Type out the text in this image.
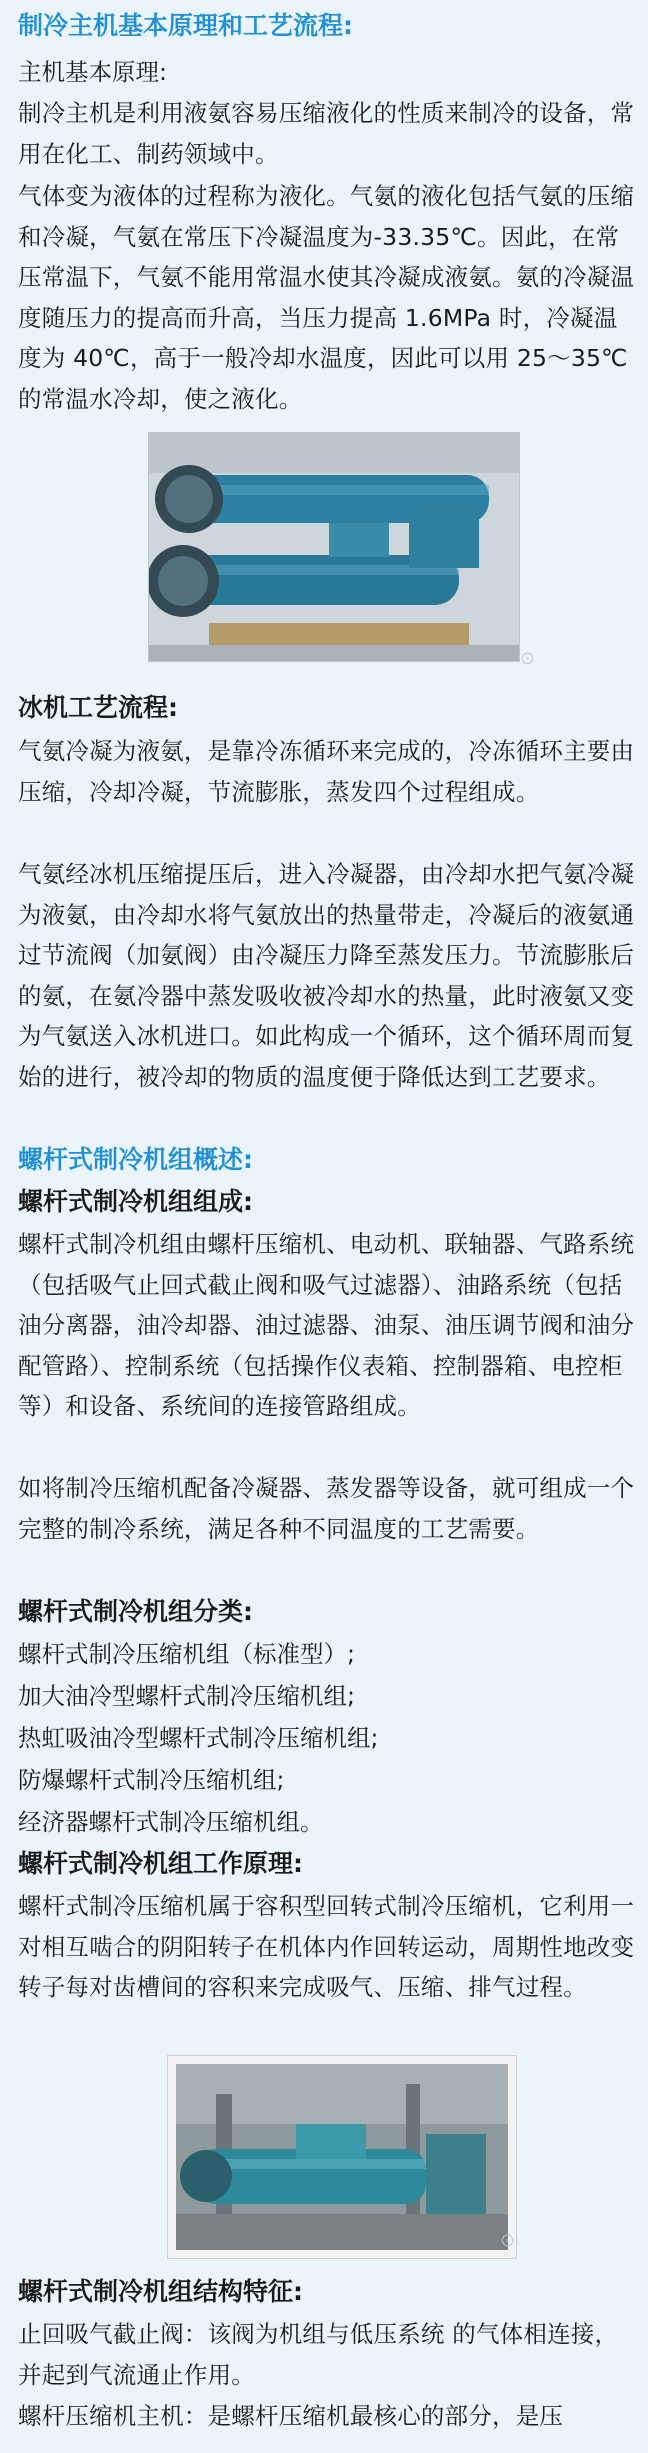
制冷主机基本原理和工艺流程:
主机基本原理:
制冷主机是利用液氨容易压缩液化的性质来制冷的设备，常用在化工、制药领域中。
气体变为液体的过程称为液化。气氨的液化包括气氨的压缩和冷凝，气氨在常压下冷凝温度为-33.35℃。因此，在常压常温下，气氨不能用常温水使其冷凝成液氨。氨的冷凝温度随压力的提高而升高，当压力提高 1.6MPa 时，冷凝温度为 40℃，高于一般冷却水温度，因此可以用 25～35℃的常温水冷却，使之液化。
⊙
冰机工艺流程:
气氨冷凝为液氨，是靠冷冻循环来完成的，冷冻循环主要由压缩，冷却冷凝，节流膨胀，蒸发四个过程组成。
气氨经冰机压缩提压后，进入冷凝器，由冷却水把气氨冷凝为液氨，由冷却水将气氨放出的热量带走，冷凝后的液氨通过节流阀（加氨阀）由冷凝压力降至蒸发压力。节流膨胀后的氨，在氨冷器中蒸发吸收被冷却水的热量，此时液氨又变为气氨送入冰机进口。如此构成一个循环，这个循环周而复始的进行，被冷却的物质的温度便于降低达到工艺要求。
螺杆式制冷机组概述:
螺杆式制冷机组组成:
螺杆式制冷机组由螺杆压缩机、电动机、联轴器、气路系统（包括吸气止回式截止阀和吸气过滤器）、油路系统（包括油分离器，油冷却器、油过滤器、油泵、油压调节阀和油分配管路）、控制系统（包括操作仪表箱、控制器箱、电控柜等）和设备、系统间的连接管路组成。
如将制冷压缩机配备冷凝器、蒸发器等设备，就可组成一个完整的制冷系统，满足各种不同温度的工艺需要。
螺杆式制冷机组分类:
螺杆式制冷压缩机组（标准型）;
加大油冷型螺杆式制冷压缩机组;
热虹吸油冷型螺杆式制冷压缩机组;
防爆螺杆式制冷压缩机组;
经济器螺杆式制冷压缩机组。
螺杆式制冷机组工作原理:
螺杆式制冷压缩机属于容积型回转式制冷压缩机，它利用一对相互啮合的阴阳转子在机体内作回转运动，周期性地改变转子每对齿槽间的容积来完成吸气、压缩、排气过程。
⊙
螺杆式制冷机组结构特征:
止回吸气截止阀：该阀为机组与低压系统 的气体相连接，并起到气流通止作用。
螺杆压缩机主机：是螺杆压缩机最核心的部分，是压
